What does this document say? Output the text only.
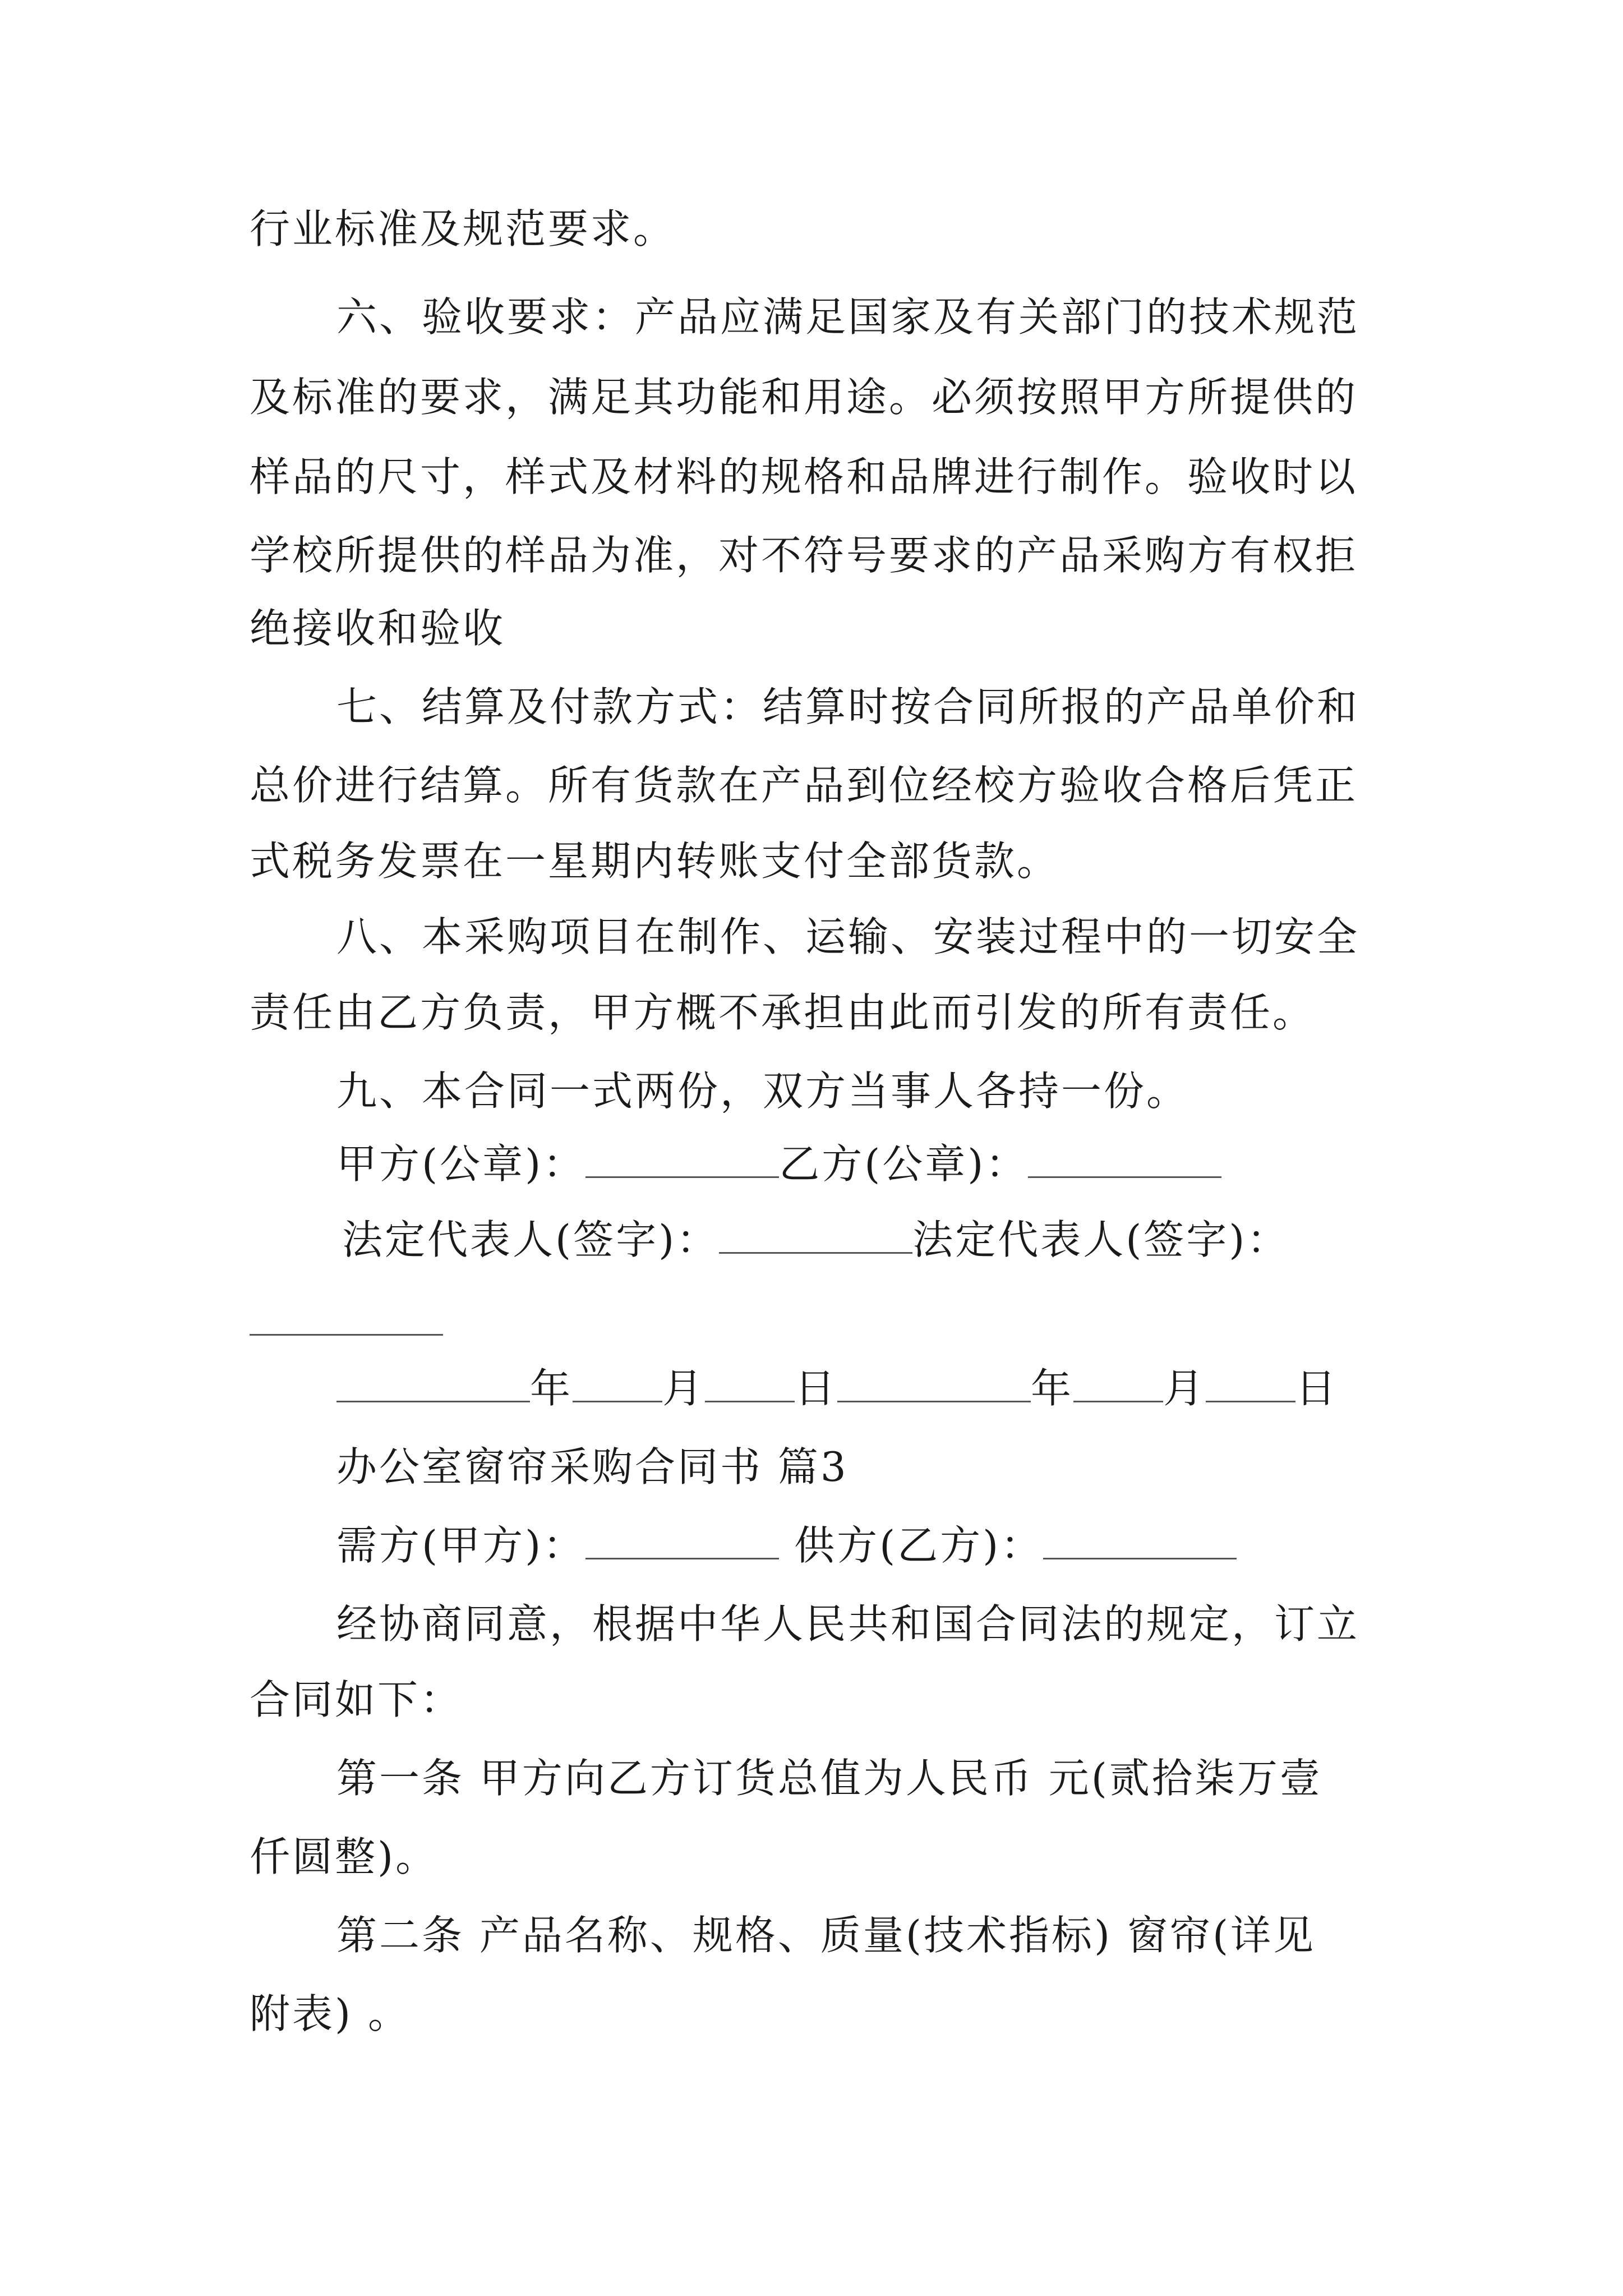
行业标准及规范要求。
六、验收要求：产品应满足国家及有关部门的技术规范
及标准的要求，满足其功能和用途。必须按照甲方所提供的
样品的尺寸，样式及材料的规格和品牌进行制作。验收时以
学校所提供的样品为准，对不符号要求的产品采购方有权拒
绝接收和验收
七、结算及付款方式：结算时按合同所报的产品单价和
总价进行结算。所有货款在产品到位经校方验收合格后凭正
式税务发票在一星期内转账支付全部货款。
八、本采购项目在制作、运输、安装过程中的一切安全
责任由乙方负责，甲方概不承担由此而引发的所有责任。
九、本合同一式两份，双方当事人各持一份。
甲方(公章)：	乙方(公章)：
法定代表人(签字)：	法定代表人(签字)：
年 月 日	年 月 日
办公室窗帘采购合同书 篇3
需方(甲方)：	供方(乙方)：
经协商同意，根据中华人民共和国合同法的规定，订立
合同如下：
第一条 甲方向乙方订货总值为人民币 元(贰拾柒万壹
仟圆整)。
第二条 产品名称、规格、质量(技术指标) 窗帘(详见
附表) 。
